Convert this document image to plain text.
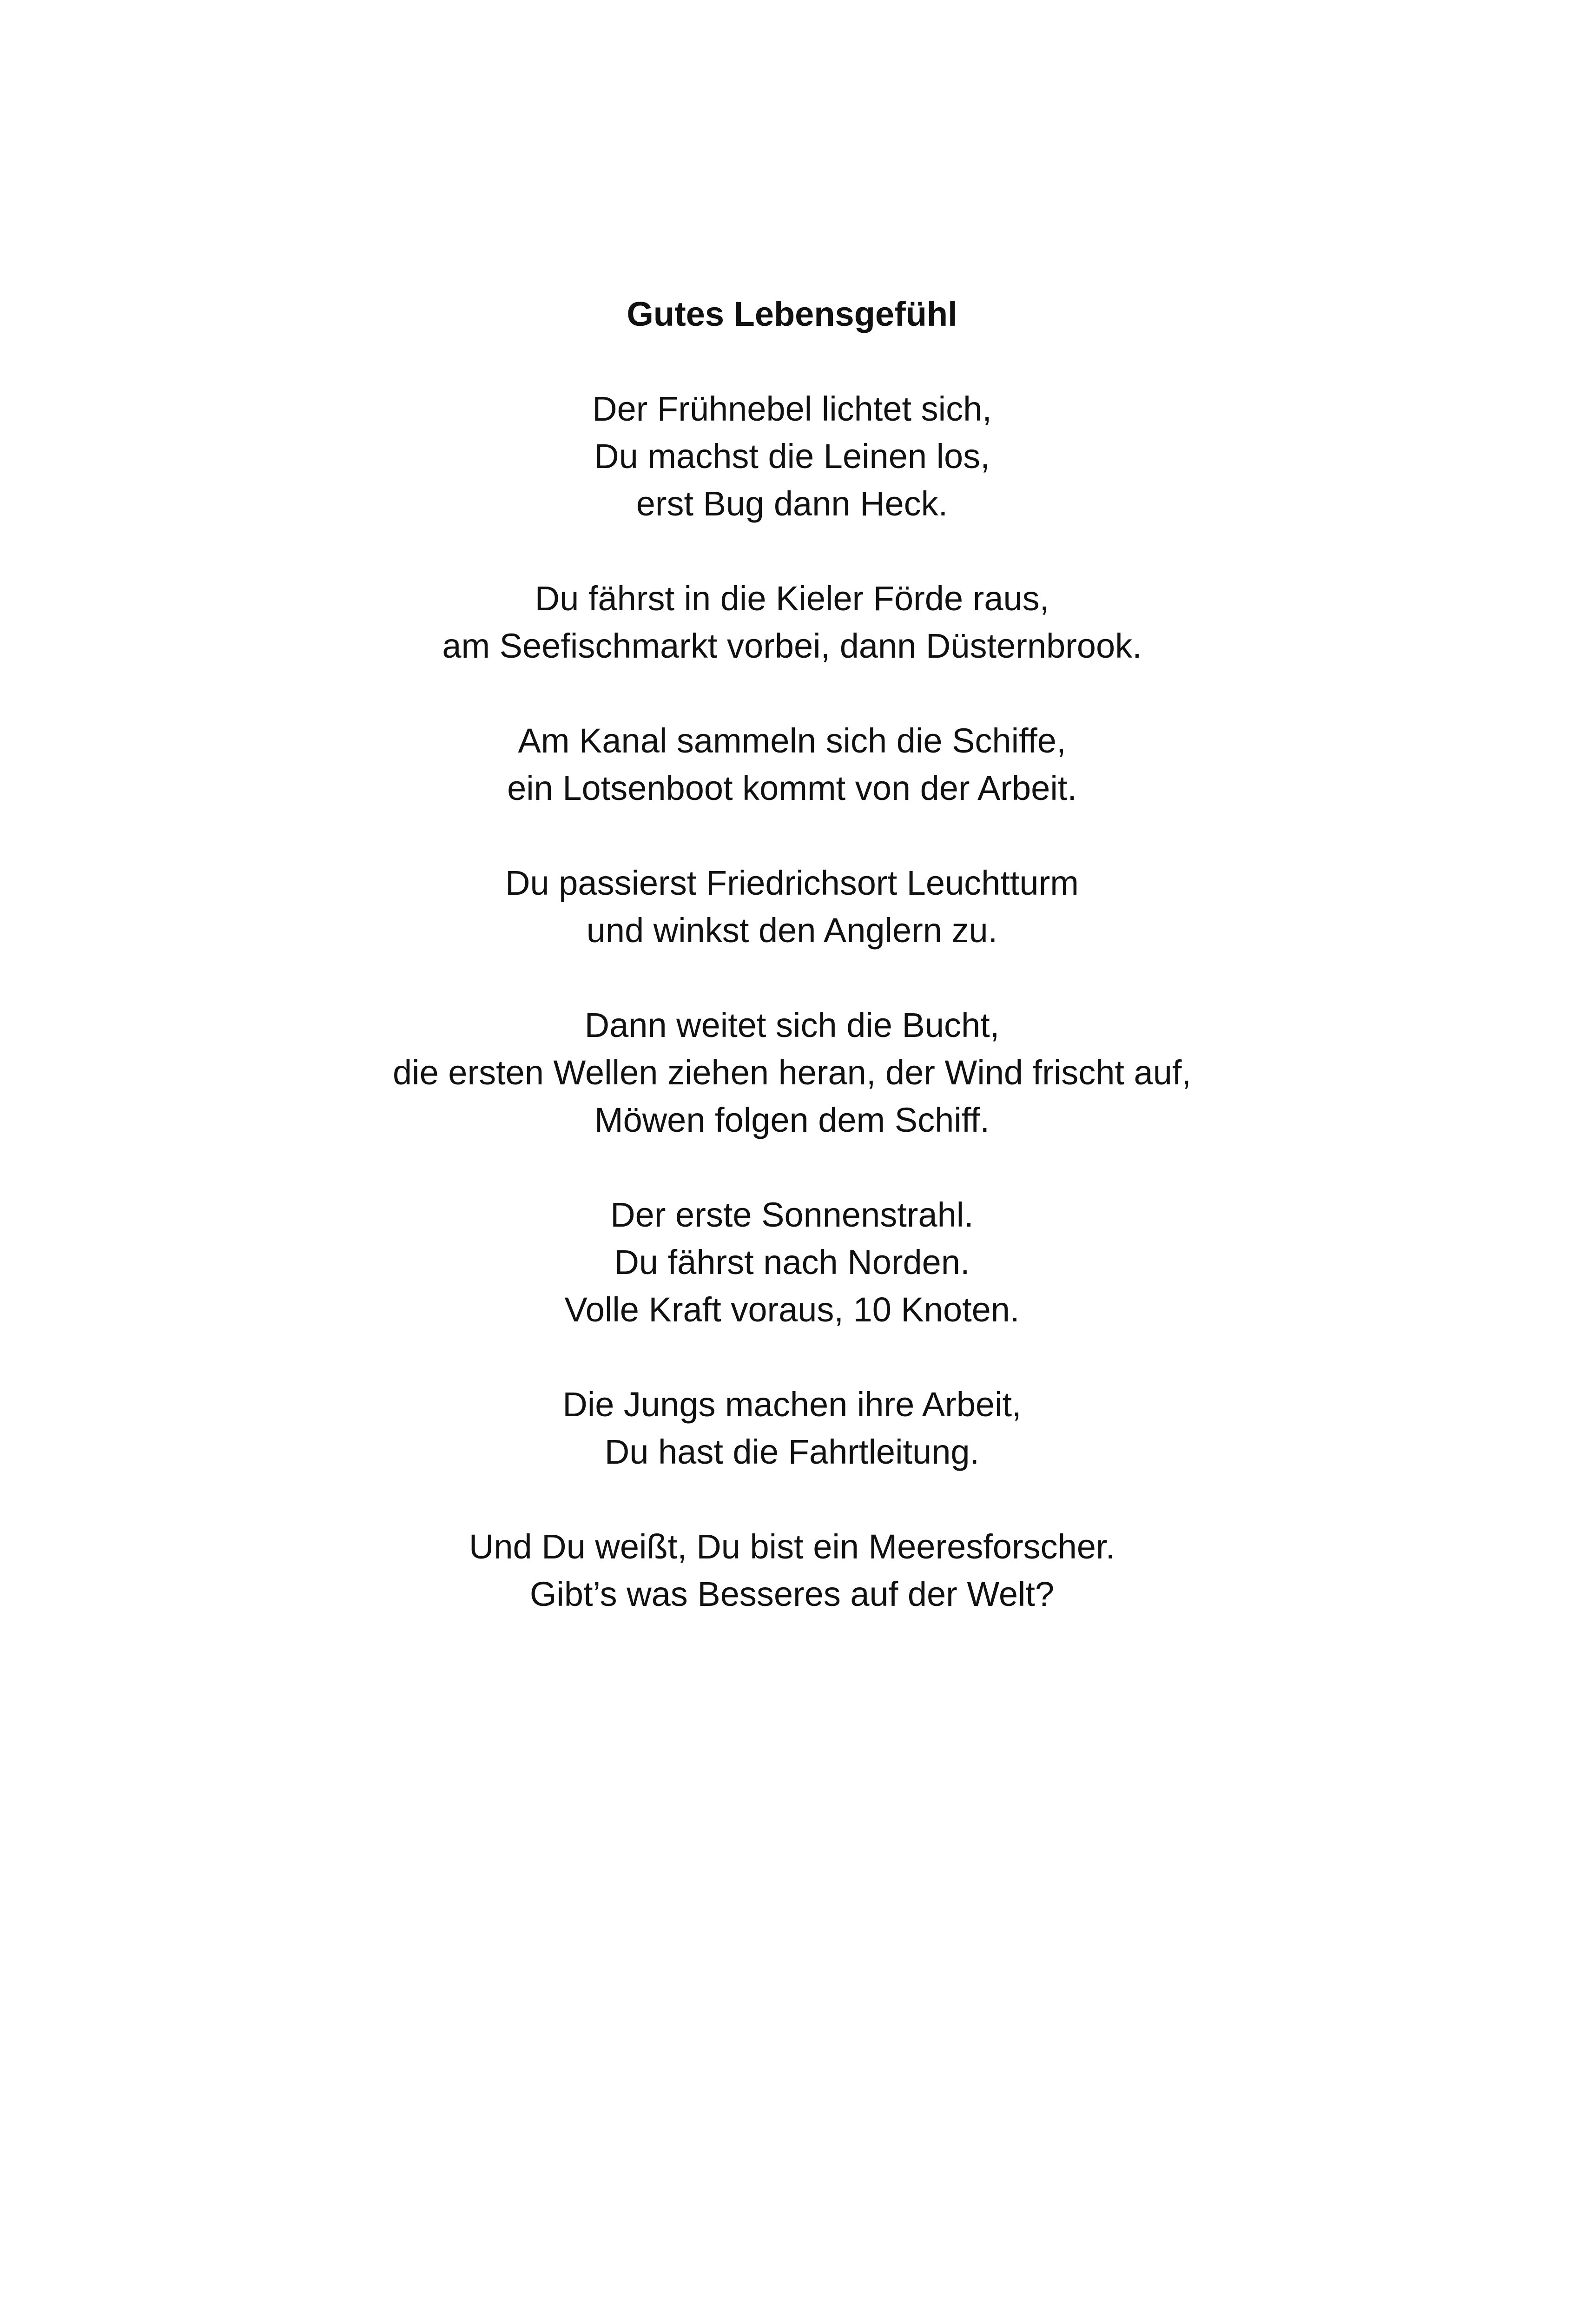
Gutes Lebensgefühl
Der Frühnebel lichtet sich,
Du machst die Leinen los,
erst Bug dann Heck.
Du fährst in die Kieler Förde raus,
am Seefischmarkt vorbei, dann Düsternbrook.
Am Kanal sammeln sich die Schiffe,
ein Lotsenboot kommt von der Arbeit.
Du passierst Friedrichsort Leuchtturm
und winkst den Anglern zu.
Dann weitet sich die Bucht,
die ersten Wellen ziehen heran, der Wind frischt auf,
Möwen folgen dem Schiff.
Der erste Sonnenstrahl.
Du fährst nach Norden.
Volle Kraft voraus, 10 Knoten.
Die Jungs machen ihre Arbeit,
Du hast die Fahrtleitung.
Und Du weißt, Du bist ein Meeresforscher.
Gibt’s was Besseres auf der Welt?
